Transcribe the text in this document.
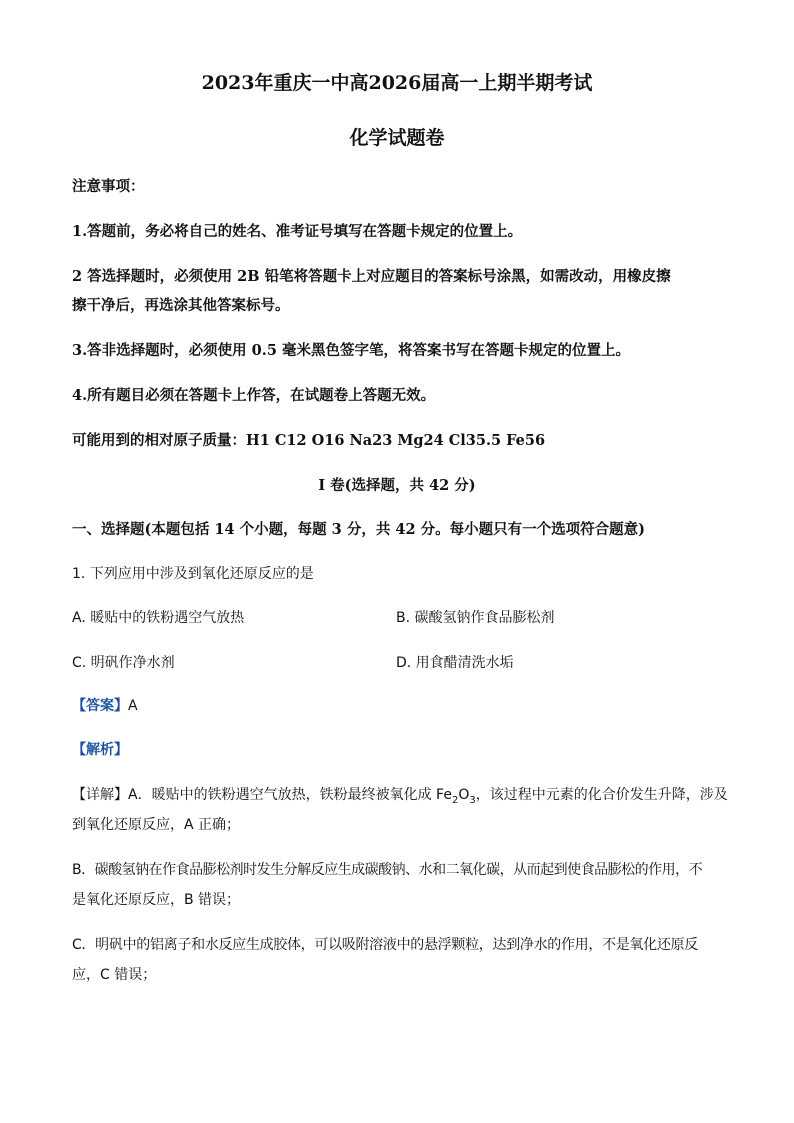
2023年重庆一中高2026届高一上期半期考试
化学试题卷
注意事项：
1.答题前，务必将自己的姓名、准考证号填写在答题卡规定的位置上。
2 答选择题时，必须使用 2B 铅笔将答题卡上对应题目的答案标号涂黑，如需改动，用橡皮擦
擦干净后，再选涂其他答案标号。
3.答非选择题时，必须使用 0.5 毫米黑色签字笔，将答案书写在答题卡规定的位置上。
4.所有题目必须在答题卡上作答，在试题卷上答题无效。
可能用到的相对原子质量：H1 C12 O16 Na23 Mg24 Cl35.5 Fe56
I 卷(选择题，共 42 分)
一、选择题(本题包括 14 个小题，每题 3 分，共 42 分。每小题只有一个选项符合题意)
1. 下列应用中涉及到氧化还原反应的是
A. 暖贴中的铁粉遇空气放热	B. 碳酸氢钠作食品膨松剂
C. 明矾作净水剂	D. 用食醋清洗水垢
【答案】A
【解析】
【详解】A．暖贴中的铁粉遇空气放热，铁粉最终被氧化成 $Fe_2O_3$，该过程中元素的化合价发生升降，涉及
到氧化还原反应，A 正确；
B．碳酸氢钠在作食品膨松剂时发生分解反应生成碳酸钠、水和二氧化碳，从而起到使食品膨松的作用，不
是氧化还原反应，B 错误；
C．明矾中的铝离子和水反应生成胶体，可以吸附溶液中的悬浮颗粒，达到净水的作用，不是氧化还原反
应，C 错误；
